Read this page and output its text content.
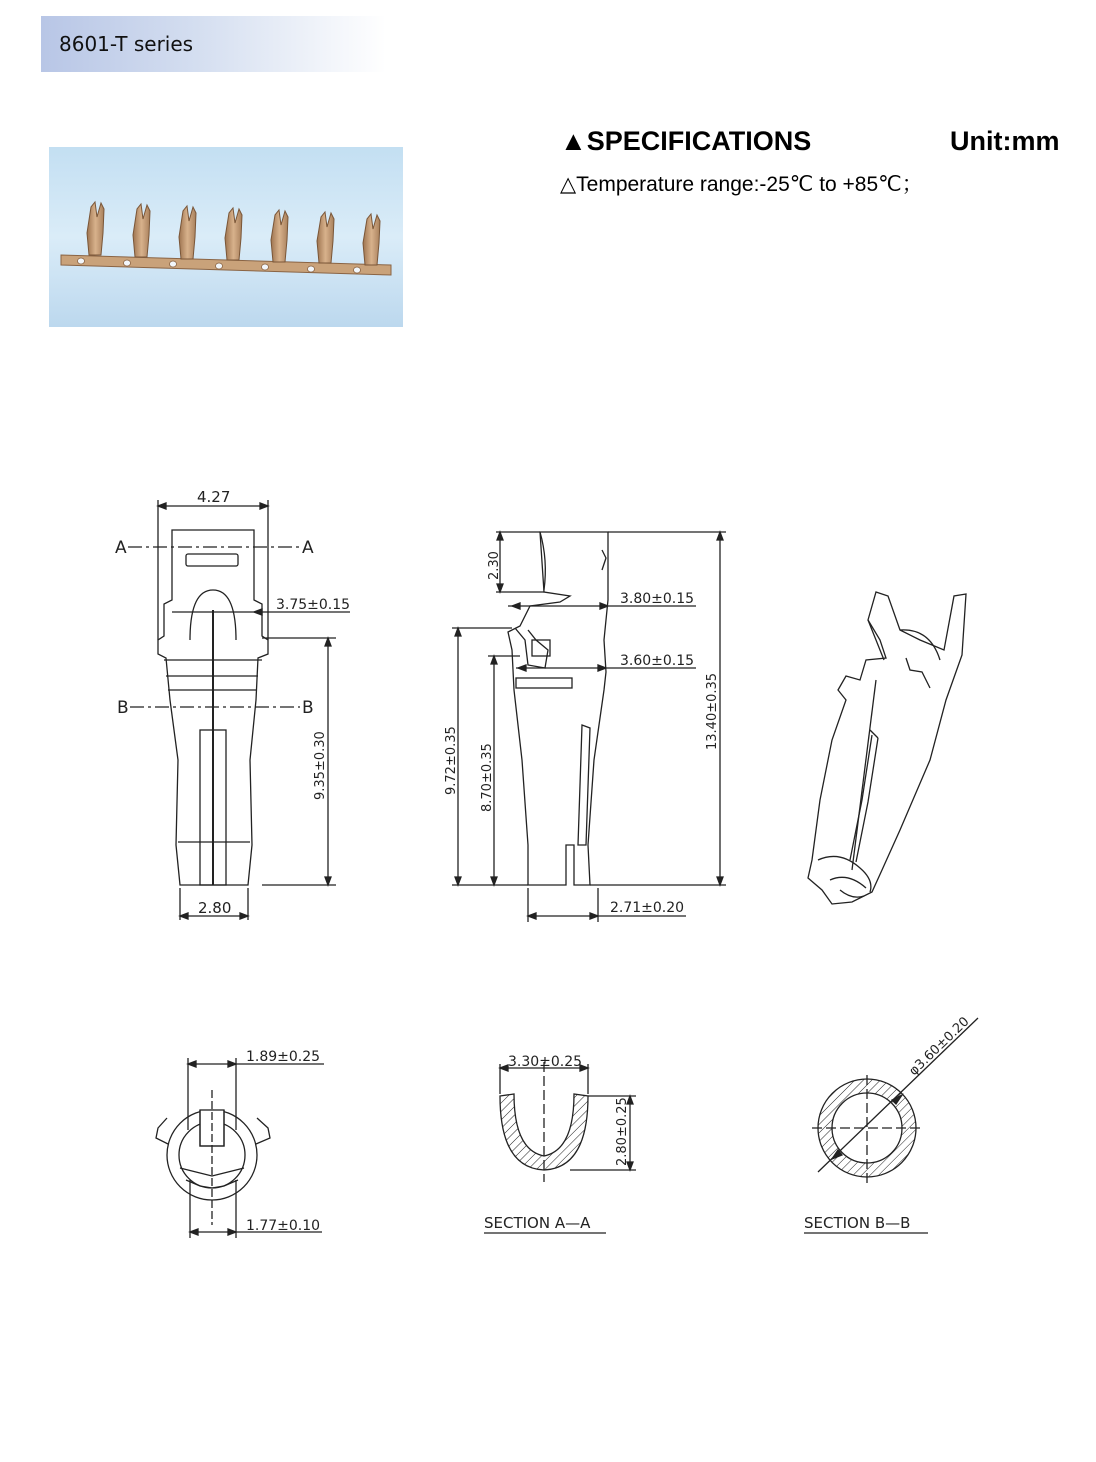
8601-T series
▲SPECIFICATIONS	Unit:mm
△Temperature range:-25℃ to +85℃；
4.27
A	A
B	B
3.75±0.15
9.35±0.30
2.80
2.30
3.80±0.15
3.60±0.15
13.40±0.35
9.72±0.35 8.70±0.35
2.71±0.20
1.89±0.25
1.77±0.10
3.30±0.25
2.80±0.25
SECTION A—A
φ3.60±0.20
SECTION B—B
